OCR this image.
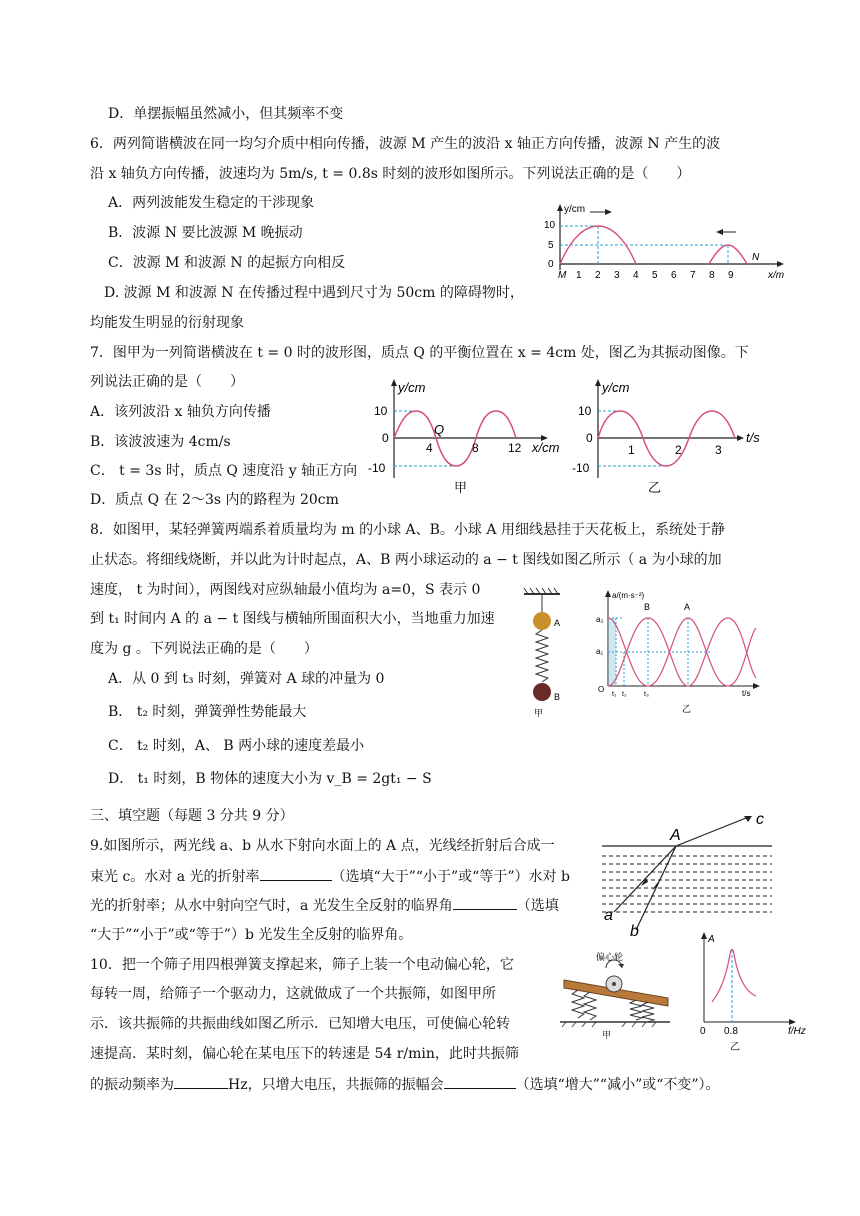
D．单摆振幅虽然减小，但其频率不变
6．两列简谐横波在同一均匀介质中相向传播，波源 M 产生的波沿 x 轴正方向传播，波源 N 产生的波
沿 x 轴负方向传播，波速均为 5m/s, t = 0.8s 时刻的波形如图所示。下列说法正确的是（　　）
A．两列波能发生稳定的干涉现象
B．波源 N 要比波源 M 晚振动
C．波源 M 和波源 N 的起振方向相反
D. 波源 M 和波源 N 在传播过程中遇到尺寸为 50cm 的障碍物时，
均能发生明显的衍射现象
y/cm
10
5
0
M 1 2 3 4 5 6 7 8 9	x/m
N
7．图甲为一列简谐横波在 t = 0 时的波形图，质点 Q 的平衡位置在 x = 4cm 处，图乙为其振动图像。下
列说法正确的是（　　）
A．该列波沿 x 轴负方向传播
B．该波波速为 4cm/s
C． t = 3s 时，质点 Q 速度沿 y 轴正方向
D．质点 Q 在 2～3s 内的路程为 20cm
y/cm
10
0
-10
4	8 12
Q
x/cm
甲
y/cm
10
0
-10
1	2	3
t/s
乙
8．如图甲，某轻弹簧两端系着质量均为 m 的小球 A、B。小球 A 用细线悬挂于天花板上，系统处于静
止状态。将细线烧断，并以此为计时起点，A、B 两小球运动的 a − t 图线如图乙所示（ a 为小球的加
速度， t 为时间），两图线对应纵轴最小值均为 a=0，S 表示 0
到 t₁ 时间内 A 的 a − t 图线与横轴所围面积大小，当地重力加速
度为 g 。下列说法正确的是（　　）
A．从 0 到 t₃ 时刻，弹簧对 A 球的冲量为 0
B． t₂ 时刻，弹簧弹性势能最大
C． t₂ 时刻，A、 B 两小球的速度差最小
D． t₁ 时刻，B 物体的速度大小为 v_B = 2gt₁ − S
A
B
甲
a/(m·s⁻²)
a₂
a₁
O
B	A
t₁ t₂ t₃	t/s
乙
三、填空题（每题 3 分共 9 分）
9.如图所示，两光线 a、b 从水下射向水面上的 A 点，光线经折射后合成一
束光 c。水对 a 光的折射率	（选填“大于”“小于”或“等于”）水对 b
光的折射率；从水中射向空气时，a 光发生全反射的临界角	（选填
“大于”“小于”或“等于”）b 光发生全反射的临界角。
A
a
b
c
10．把一个筛子用四根弹簧支撑起来，筛子上装一个电动偏心轮，它
每转一周，给筛子一个驱动力，这就做成了一个共振筛，如图甲所
示．该共振筛的共振曲线如图乙所示．已知增大电压，可使偏心轮转
速提高．某时刻，偏心轮在某电压下的转速是 54 r/min，此时共振筛
的振动频率为	Hz，只增大电压，共振筛的振幅会	（选填“增大”“减小”或“不变”）。
偏心轮
甲
A
0 0.8	f/Hz
乙
